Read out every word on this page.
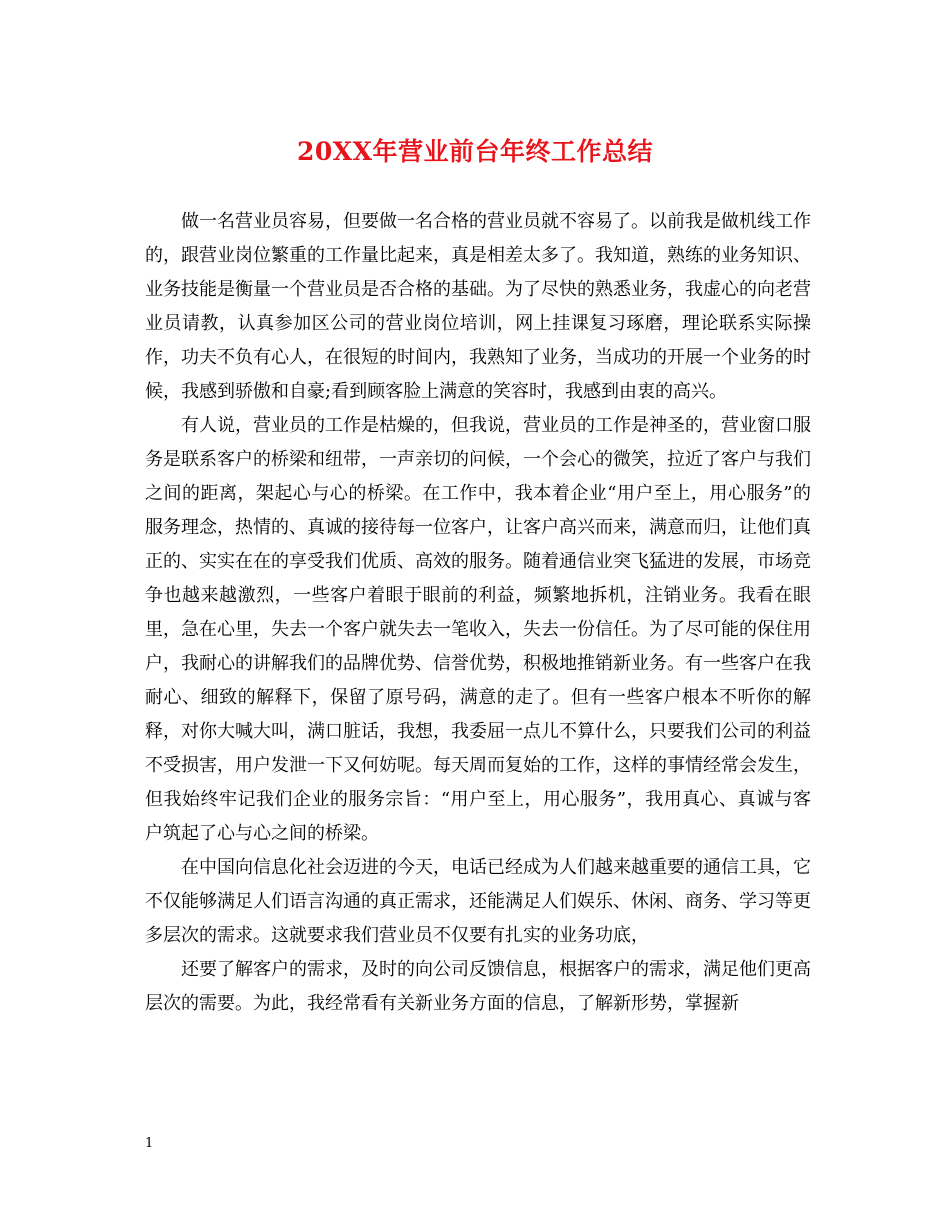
20XX年营业前台年终工作总结

做一名营业员容易，但要做一名合格的营业员就不容易了。以前我是做机线工作的，跟营业岗位繁重的工作量比起来，真是相差太多了。我知道，熟练的业务知识、业务技能是衡量一个营业员是否合格的基础。为了尽快的熟悉业务，我虚心的向老营业员请教，认真参加区公司的营业岗位培训，网上挂课复习琢磨，理论联系实际操作，功夫不负有心人，在很短的时间内，我熟知了业务，当成功的开展一个业务的时候，我感到骄傲和自豪;看到顾客脸上满意的笑容时，我感到由衷的高兴。

有人说，营业员的工作是枯燥的，但我说，营业员的工作是神圣的，营业窗口服务是联系客户的桥梁和纽带，一声亲切的问候，一个会心的微笑，拉近了客户与我们之间的距离，架起心与心的桥梁。在工作中，我本着企业“用户至上，用心服务”的服务理念，热情的、真诚的接待每一位客户，让客户高兴而来，满意而归，让他们真正的、实实在在的享受我们优质、高效的服务。随着通信业突飞猛进的发展，市场竞争也越来越激烈，一些客户着眼于眼前的利益，频繁地拆机，注销业务。我看在眼里，急在心里，失去一个客户就失去一笔收入，失去一份信任。为了尽可能的保住用户，我耐心的讲解我们的品牌优势、信誉优势，积极地推销新业务。有一些客户在我耐心、细致的解释下，保留了原号码，满意的走了。但有一些客户根本不听你的解释，对你大喊大叫，满口脏话，我想，我委屈一点儿不算什么，只要我们公司的利益不受损害，用户发泄一下又何妨呢。每天周而复始的工作，这样的事情经常会发生，但我始终牢记我们企业的服务宗旨：“用户至上，用心服务”，我用真心、真诚与客户筑起了心与心之间的桥梁。

在中国向信息化社会迈进的今天，电话已经成为人们越来越重要的通信工具，它不仅能够满足人们语言沟通的真正需求，还能满足人们娱乐、休闲、商务、学习等更多层次的需求。这就要求我们营业员不仅要有扎实的业务功底，

还要了解客户的需求，及时的向公司反馈信息，根据客户的需求，满足他们更高层次的需要。为此，我经常看有关新业务方面的信息，了解新形势，掌握新

1
